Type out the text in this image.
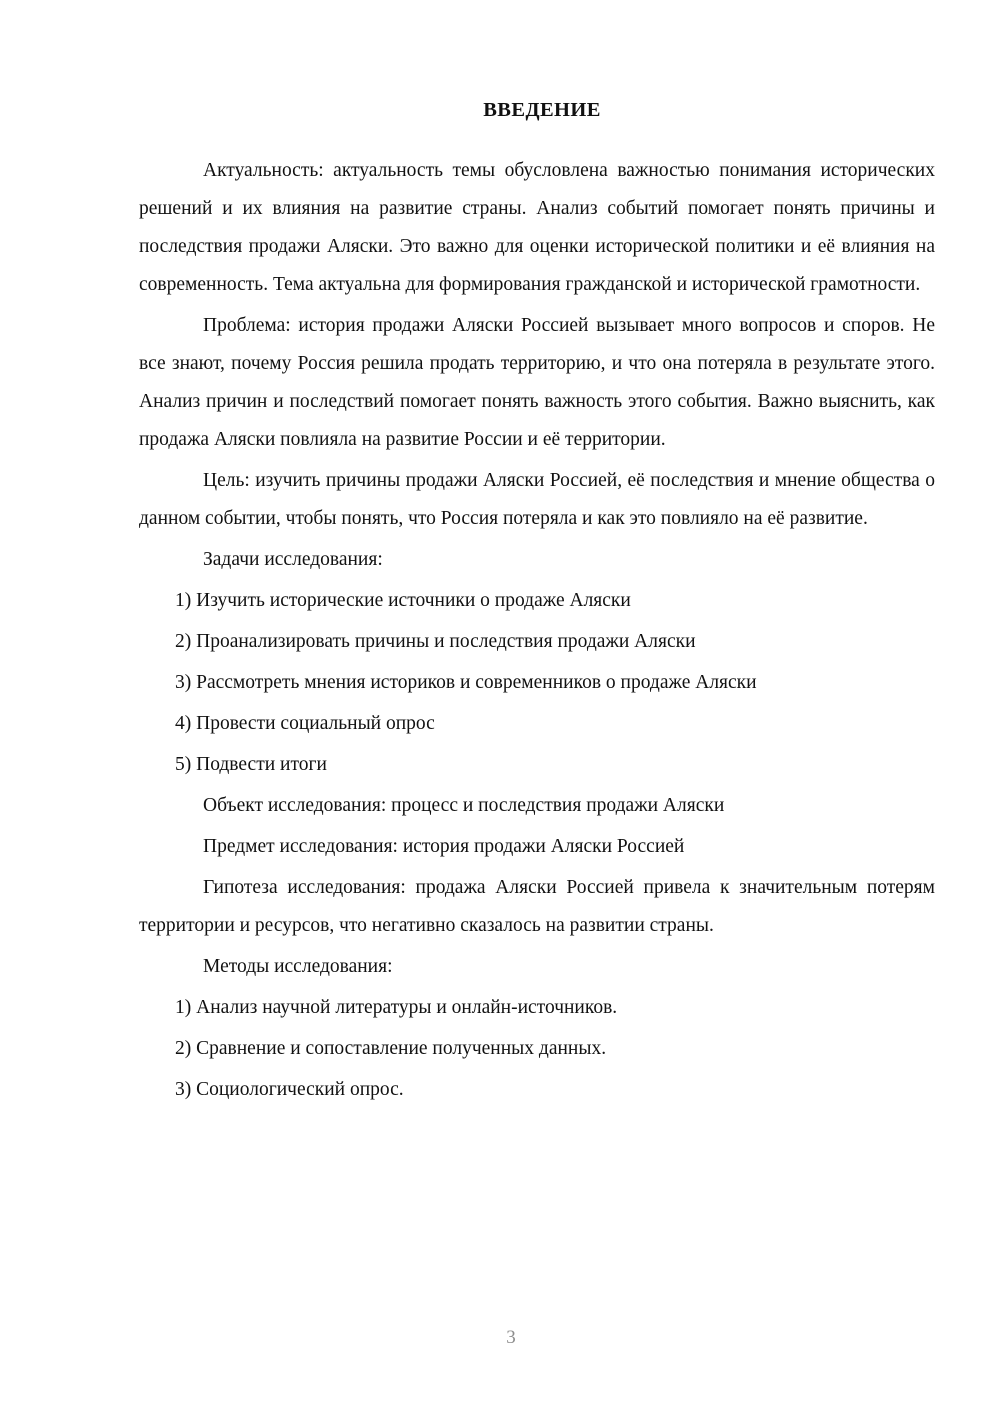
ВВЕДЕНИЕ

Актуальность: актуальность темы обусловлена важностью понимания исторических решений и их влияния на развитие страны. Анализ событий помогает понять причины и последствия продажи Аляски. Это важно для оценки исторической политики и её влияния на современность. Тема актуальна для формирования гражданской и исторической грамотности.

Проблема: история продажи Аляски Россией вызывает много вопросов и споров. Не все знают, почему Россия решила продать территорию, и что она потеряла в результате этого. Анализ причин и последствий помогает понять важность этого события. Важно выяснить, как продажа Аляски повлияла на развитие России и её территории.

Цель: изучить причины продажи Аляски Россией, её последствия и мнение общества о данном событии, чтобы понять, что Россия потеряла и как это повлияло на её развитие.

Задачи исследования:

1) Изучить исторические источники о продаже Аляски

2) Проанализировать причины и последствия продажи Аляски

3) Рассмотреть мнения историков и современников о продаже Аляски

4) Провести социальный опрос

5) Подвести итоги

Объект исследования: процесс и последствия продажи Аляски

Предмет исследования: история продажи Аляски Россией

Гипотеза исследования: продажа Аляски Россией привела к значительным потерям территории и ресурсов, что негативно сказалось на развитии страны.

Методы исследования:

1) Анализ научной литературы и онлайн-источников.

2) Сравнение и сопоставление полученных данных.

3) Социологический опрос.

3
